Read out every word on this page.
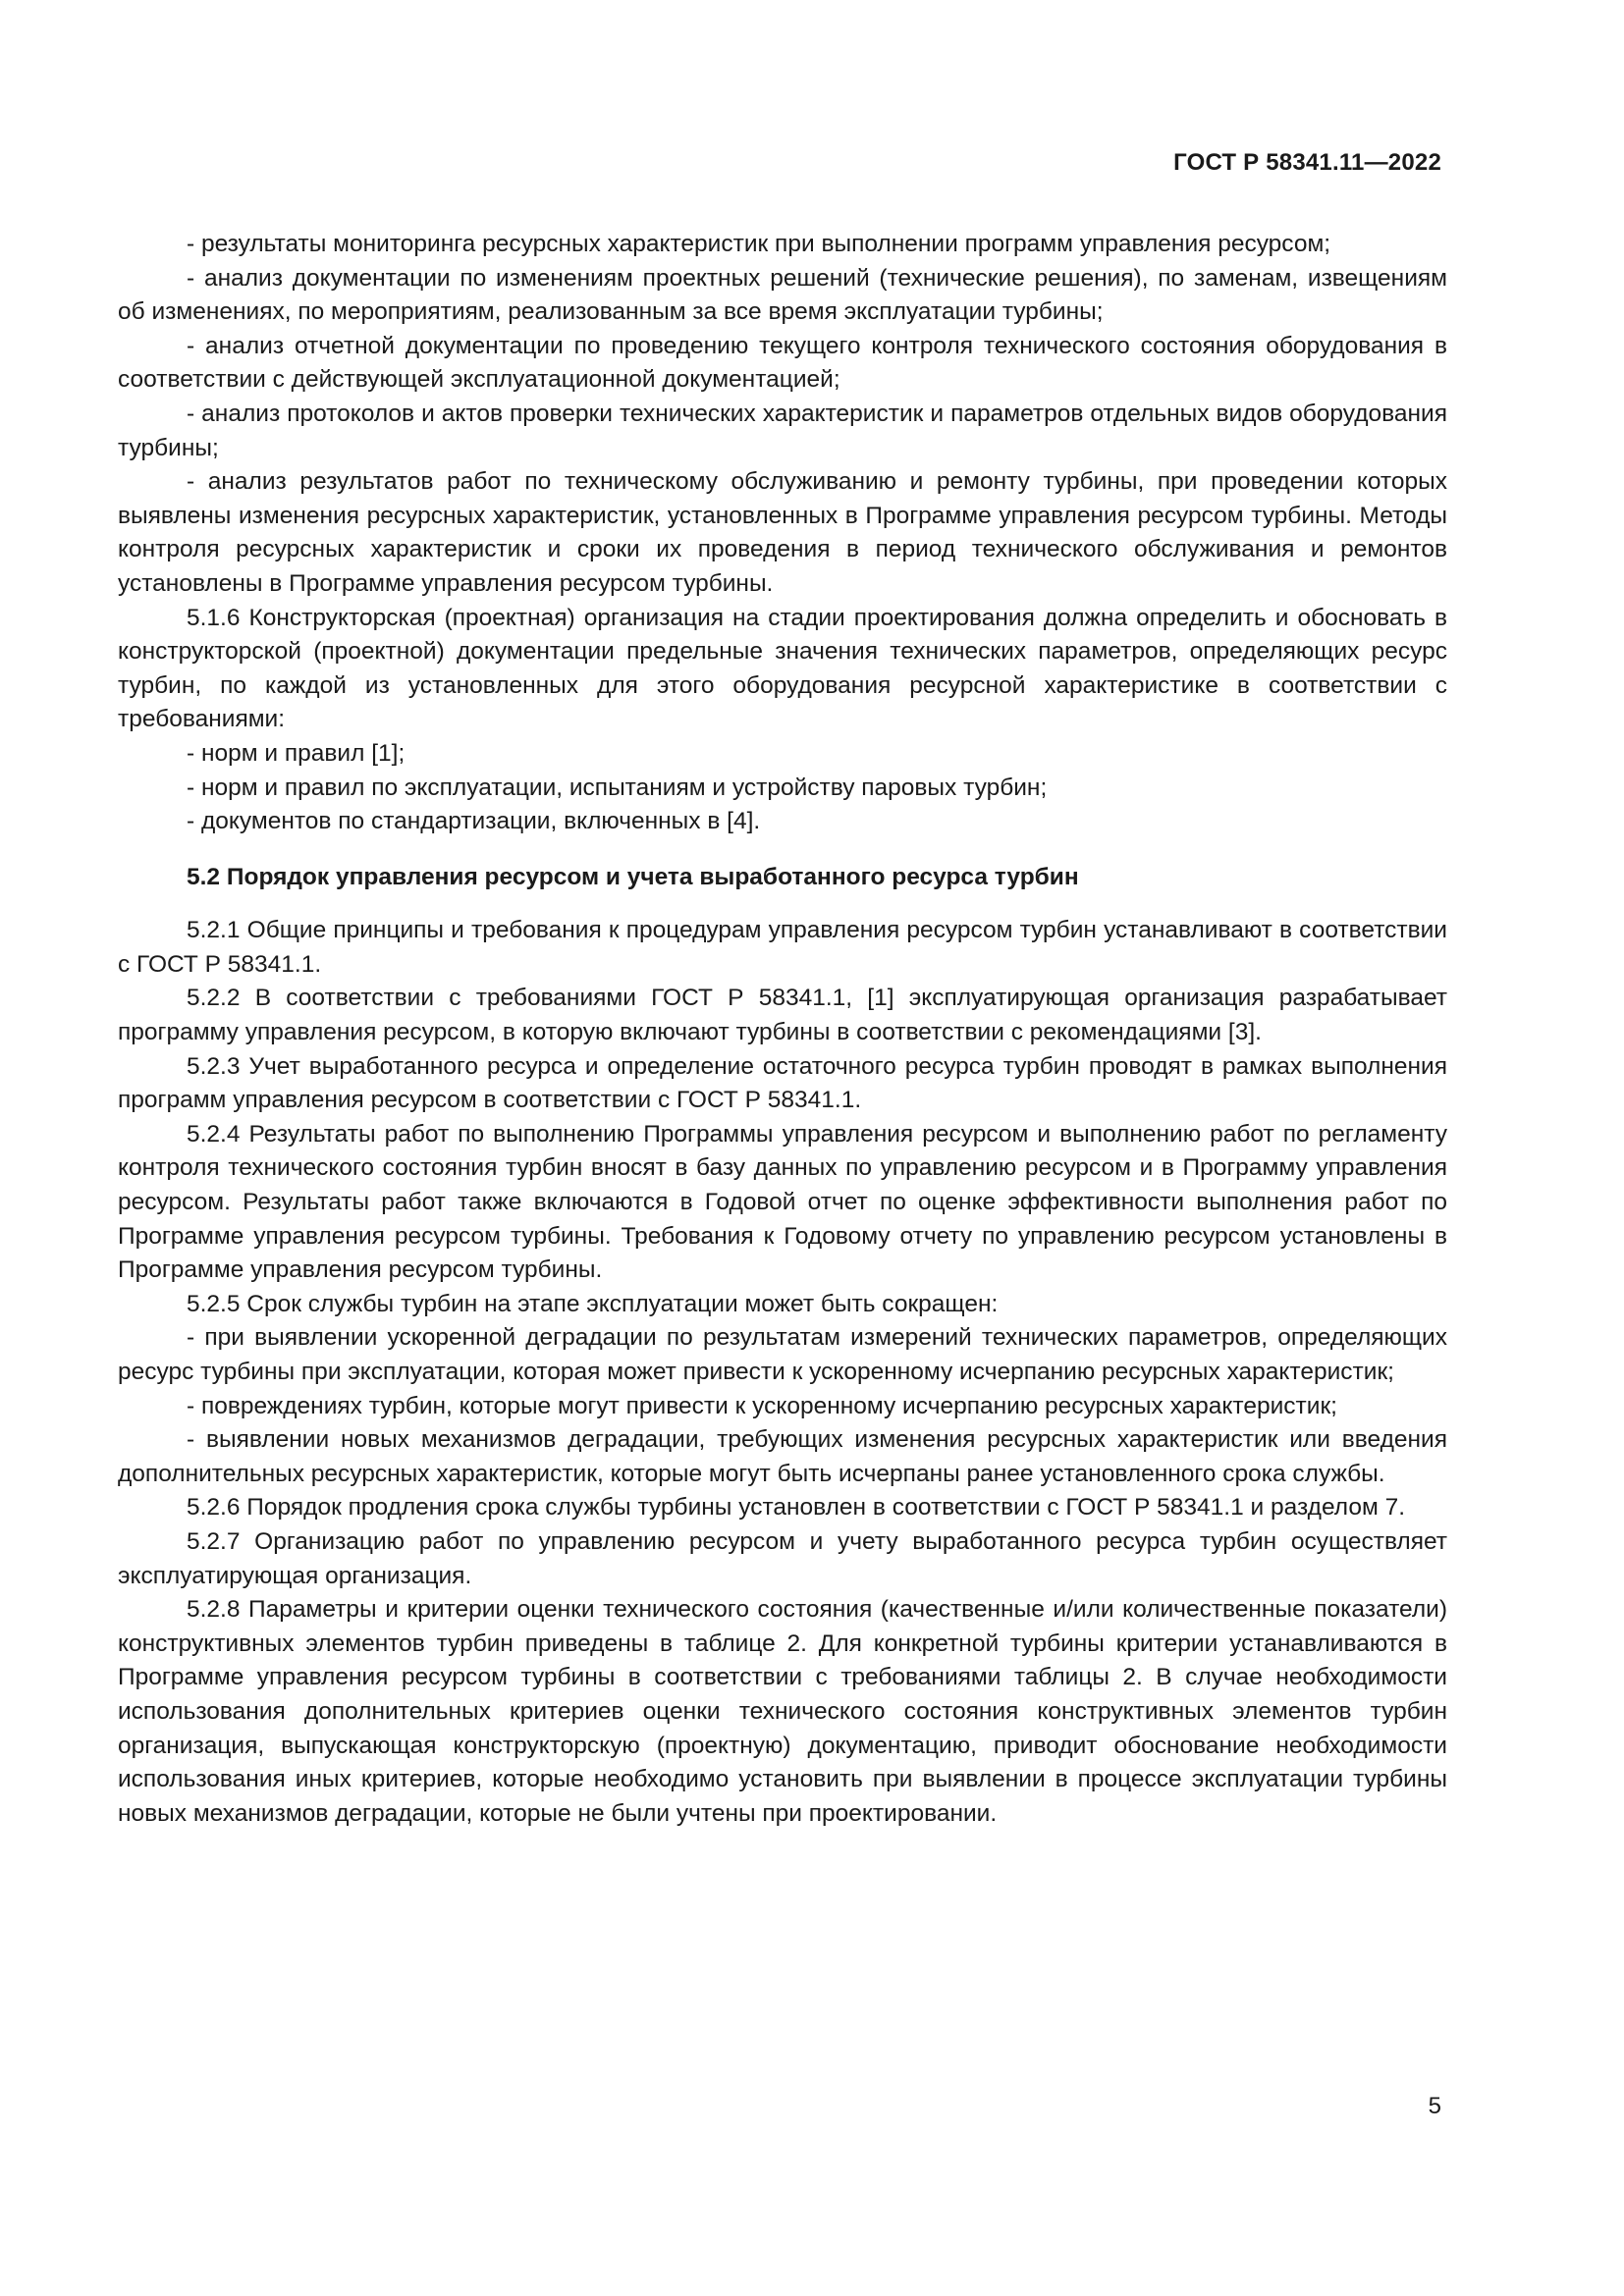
ГОСТ Р 58341.11—2022

- результаты мониторинга ресурсных характеристик при выполнении программ управления ресурсом;

- анализ документации по изменениям проектных решений (технические решения), по заменам, извещениям об изменениях, по мероприятиям, реализованным за все время эксплуатации турбины;

- анализ отчетной документации по проведению текущего контроля технического состояния оборудования в соответствии с действующей эксплуатационной документацией;

- анализ протоколов и актов проверки технических характеристик и параметров отдельных видов оборудования турбины;

- анализ результатов работ по техническому обслуживанию и ремонту турбины, при проведении которых выявлены изменения ресурсных характеристик, установленных в Программе управления ресурсом турбины. Методы контроля ресурсных характеристик и сроки их проведения в период технического обслуживания и ремонтов установлены в Программе управления ресурсом турбины.

5.1.6 Конструкторская (проектная) организация на стадии проектирования должна определить и обосновать в конструкторской (проектной) документации предельные значения технических параметров, определяющих ресурс турбин, по каждой из установленных для этого оборудования ресурсной характеристике в соответствии с требованиями:

- норм и правил [1];

- норм и правил по эксплуатации, испытаниям и устройству паровых турбин;

- документов по стандартизации, включенных в [4].

5.2 Порядок управления ресурсом и учета выработанного ресурса турбин

5.2.1 Общие принципы и требования к процедурам управления ресурсом турбин устанавливают в соответствии с ГОСТ Р 58341.1.

5.2.2 В соответствии с требованиями ГОСТ Р 58341.1, [1] эксплуатирующая организация разрабатывает программу управления ресурсом, в которую включают турбины в соответствии с рекомендациями [3].

5.2.3 Учет выработанного ресурса и определение остаточного ресурса турбин проводят в рамках выполнения программ управления ресурсом в соответствии с ГОСТ Р 58341.1.

5.2.4 Результаты работ по выполнению Программы управления ресурсом и выполнению работ по регламенту контроля технического состояния турбин вносят в базу данных по управлению ресурсом и в Программу управления ресурсом. Результаты работ также включаются в Годовой отчет по оценке эффективности выполнения работ по Программе управления ресурсом турбины. Требования к Годовому отчету по управлению ресурсом установлены в Программе управления ресурсом турбины.

5.2.5 Срок службы турбин на этапе эксплуатации может быть сокращен:

- при выявлении ускоренной деградации по результатам измерений технических параметров, определяющих ресурс турбины при эксплуатации, которая может привести к ускоренному исчерпанию ресурсных характеристик;

- повреждениях турбин, которые могут привести к ускоренному исчерпанию ресурсных характеристик;

- выявлении новых механизмов деградации, требующих изменения ресурсных характеристик или введения дополнительных ресурсных характеристик, которые могут быть исчерпаны ранее установленного срока службы.

5.2.6 Порядок продления срока службы турбины установлен в соответствии с ГОСТ Р 58341.1 и разделом 7.

5.2.7 Организацию работ по управлению ресурсом и учету выработанного ресурса турбин осуществляет эксплуатирующая организация.

5.2.8 Параметры и критерии оценки технического состояния (качественные и/или количественные показатели) конструктивных элементов турбин приведены в таблице 2. Для конкретной турбины критерии устанавливаются в Программе управления ресурсом турбины в соответствии с требованиями таблицы 2. В случае необходимости использования дополнительных критериев оценки технического состояния конструктивных элементов турбин организация, выпускающая конструкторскую (проектную) документацию, приводит обоснование необходимости использования иных критериев, которые необходимо установить при выявлении в процессе эксплуатации турбины новых механизмов деградации, которые не были учтены при проектировании.

5
